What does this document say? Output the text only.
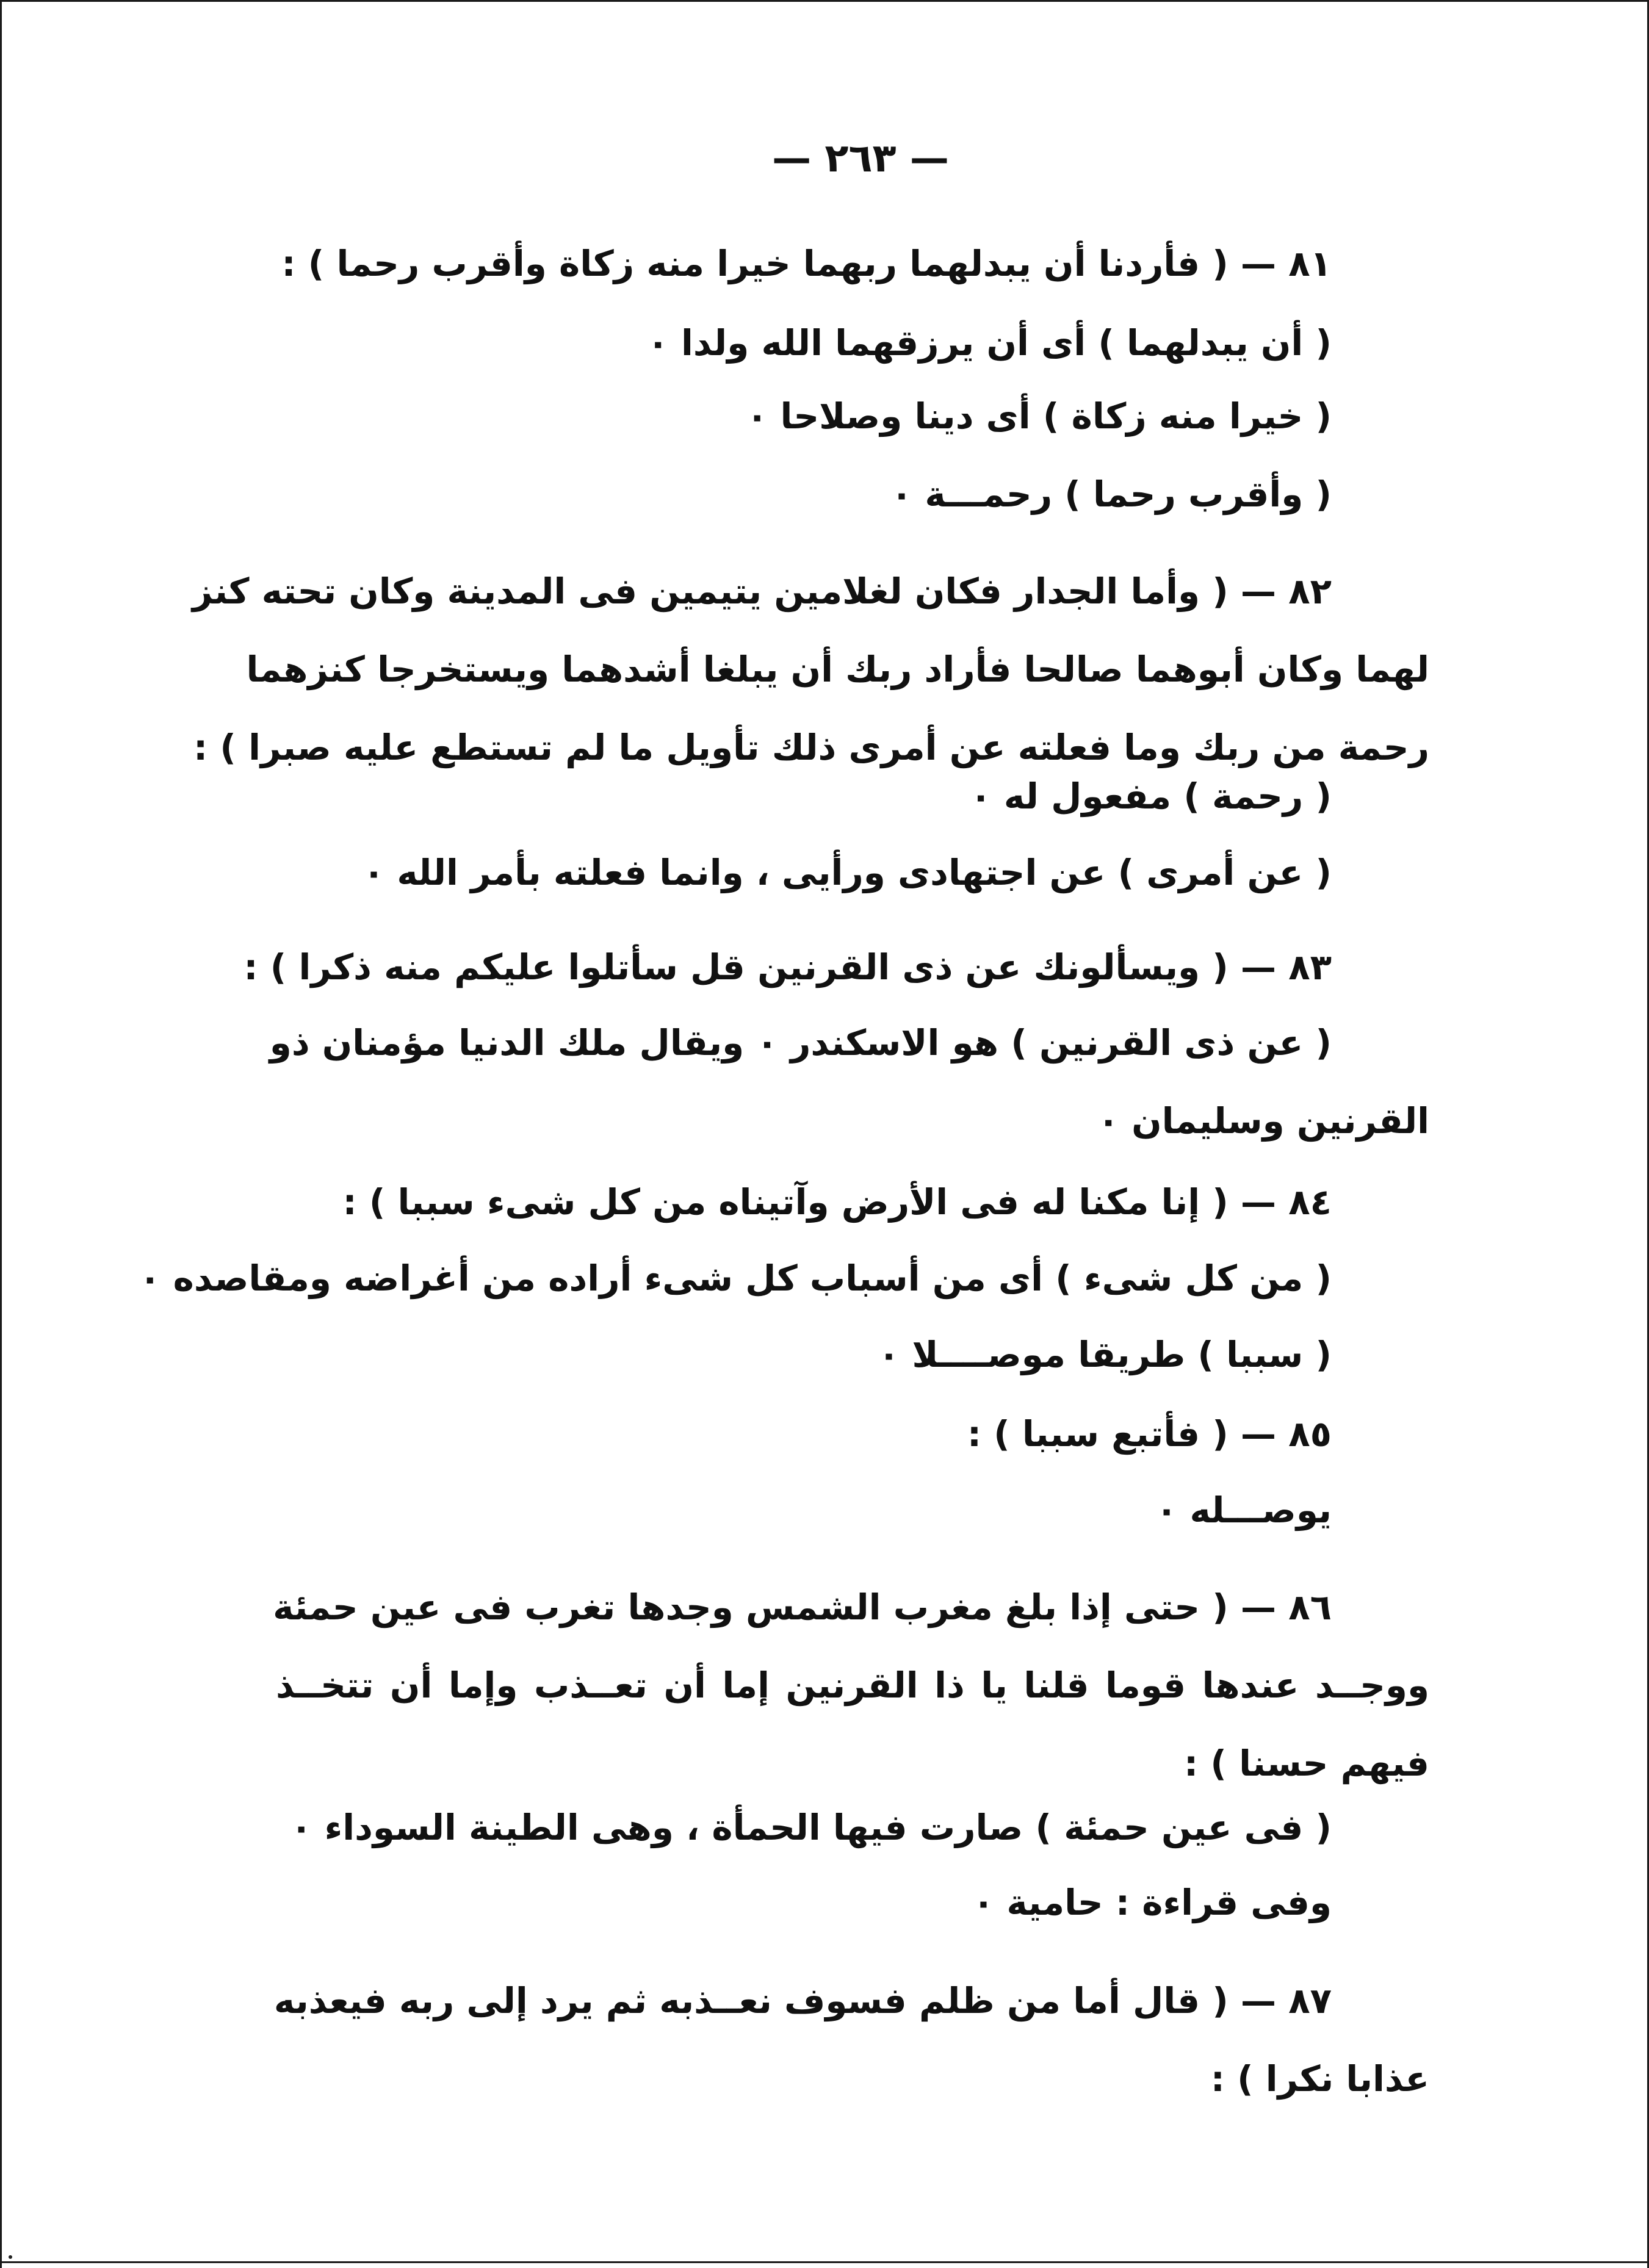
— ٢٦٣ —
٨١ — ( فأردنا أن يبدلهما ربهما خيرا منه زكاة وأقرب رحما ) :
( أن يبدلهما ) أى أن يرزقهما الله ولدا ٠
( خيرا منه زكاة ) أى دينا وصلاحا ٠
( وأقرب رحما ) رحمـــة ٠
٨٢ — ( وأما الجدار فكان لغلامين يتيمين فى المدينة وكان تحته كنز
لهما وكان أبوهما صالحا فأراد ربك أن يبلغا أشدهما ويستخرجا كنزهما
رحمة من ربك وما فعلته عن أمرى ذلك تأويل ما لم تستطع عليه صبرا ) :
( رحمة ) مفعول له ٠
( عن أمرى ) عن اجتهادى ورأيى ، وانما فعلته بأمر الله ٠
٨٣ — ( ويسألونك عن ذى القرنين قل سأتلوا عليكم منه ذكرا ) :
( عن ذى القرنين ) هو الاسكندر ٠ ويقال ملك الدنيا مؤمنان ذو
القرنين وسليمان ٠
٨٤ — ( إنا مكنا له فى الأرض وآتيناه من كل شىء سببا ) :
( من كل شىء ) أى من أسباب كل شىء أراده من أغراضه ومقاصده ٠
( سببا ) طريقا موصــــلا ٠
٨٥ — ( فأتبع سببا ) :
يوصـــله ٠
٨٦ — ( حتى إذا بلغ مغرب الشمس وجدها تغرب فى عين حمئة
ووجــد عندها قوما قلنا يا ذا القرنين إما أن تعــذب وإما أن تتخــذ
فيهم حسنا ) :
( فى عين حمئة ) صارت فيها الحمأة ، وهى الطينة السوداء ٠
وفى قراءة : حامية ٠
٨٧ — ( قال أما من ظلم فسوف نعــذبه ثم يرد إلى ربه فيعذبه
عذابا نكرا ) :
